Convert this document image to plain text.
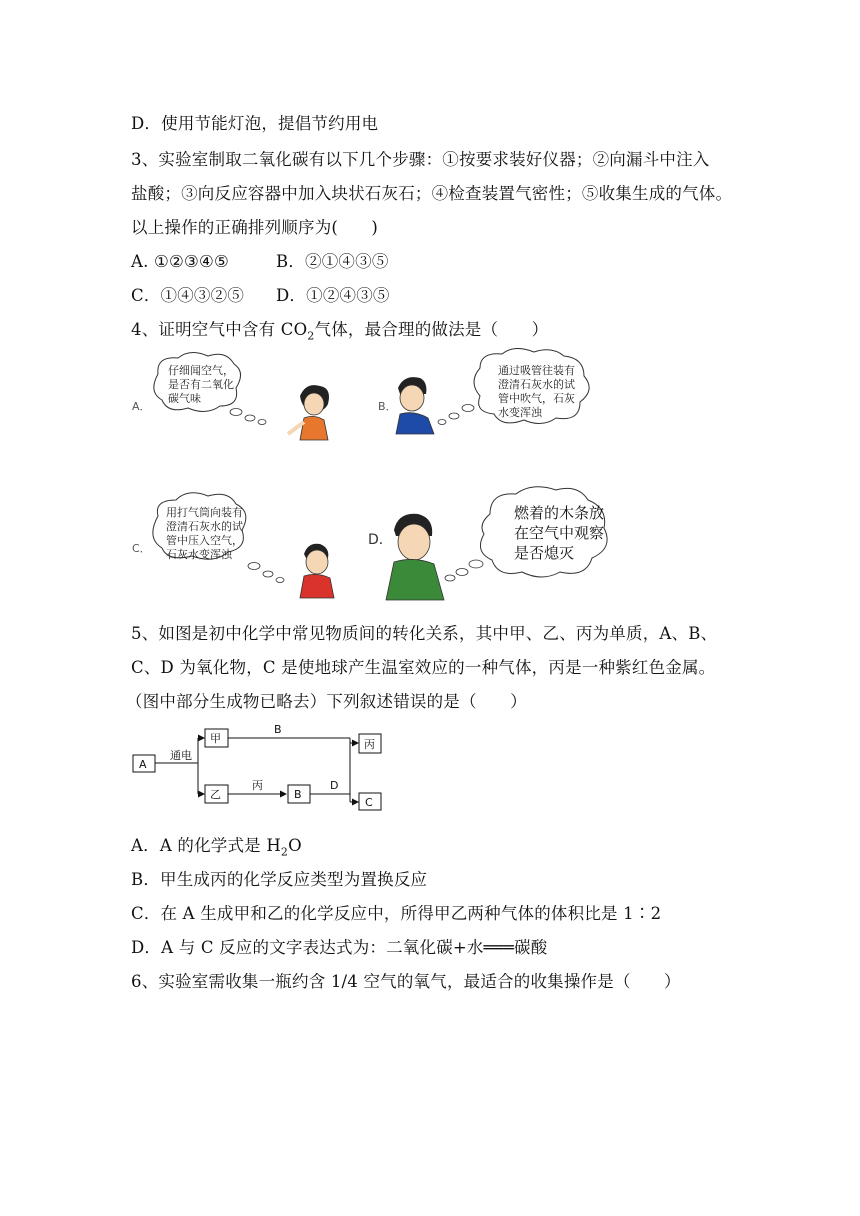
D．使用节能灯泡，提倡节约用电
3、实验室制取二氧化碳有以下几个步骤：①按要求装好仪器；②向漏斗中注入
盐酸；③向反应容器中加入块状石灰石；④检查装置气密性；⑤收集生成的气体。
以上操作的正确排列顺序为(　　)
A. ①②③④⑤	B．②①④③⑤
C．①④③②⑤ D．①②④③⑤
4、证明空气中含有 $CO_2$气体，最合理的做法是（　　）
A．
仔细闻空气，
是否有二氧化
碳气味
B．
通过吸管往装有
澄清石灰水的试
管中吹气，石灰
水变浑浊
C．
用打气筒向装有
澄清石灰水的试
管中压入空气，
石灰水变浑浊
D．
燃着的木条放
在空气中观察
是否熄灭
5、如图是初中化学中常见物质间的转化关系，其中甲、乙、丙为单质，A、B、
C、D 为氧化物，C 是使地球产生温室效应的一种气体，丙是一种紫红色金属。
（图中部分生成物已略去）下列叙述错误的是（　　）
A
通电
甲
乙
B
丙
B
D
丙
C
A．A 的化学式是 $H_2O$
B．甲生成丙的化学反应类型为置换反应
C．在 A 生成甲和乙的化学反应中，所得甲乙两种气体的体积比是 1∶2
D．A 与 C 反应的文字表达式为：二氧化碳+水═══碳酸
6、实验室需收集一瓶约含 1/4 空气的氧气，最适合的收集操作是（　　）
